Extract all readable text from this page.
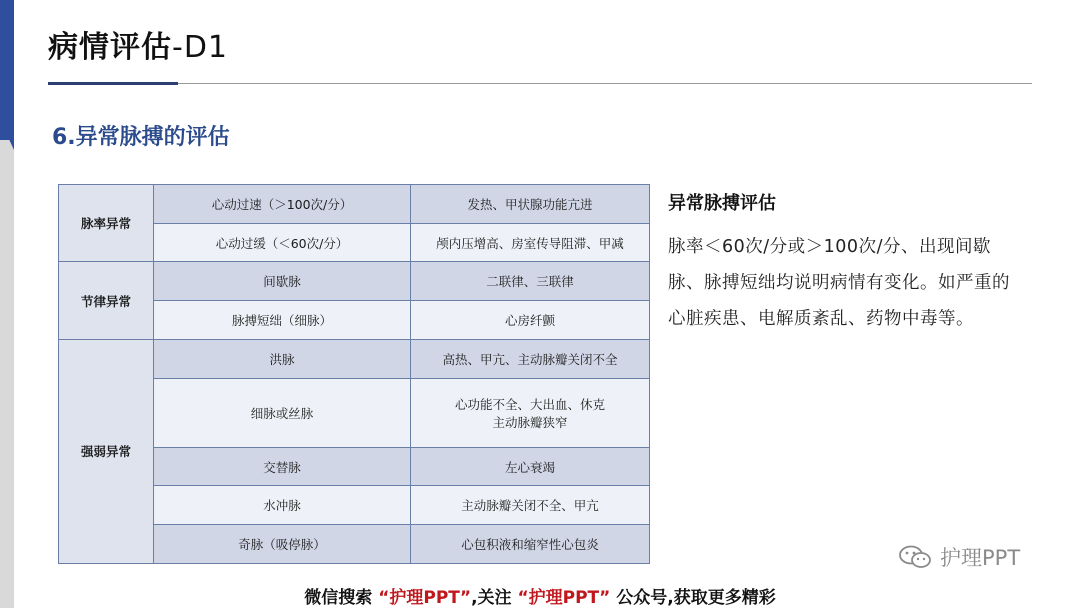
病情评估-D1
6.异常脉搏的评估
脉率异常	心动过速（＞100次/分）	发热、甲状腺功能亢进
	心动过缓（＜60次/分）	颅内压增高、房室传导阻滞、甲减
节律异常	间歇脉	二联律、三联律
	脉搏短绌（细脉）	心房纤颤
强弱异常	洪脉	高热、甲亢、主动脉瓣关闭不全
	细脉或丝脉	心功能不全、大出血、休克
主动脉瓣狭窄
	交替脉	左心衰竭
	水冲脉	主动脉瓣关闭不全、甲亢
	奇脉（吸停脉）	心包积液和缩窄性心包炎
异常脉搏评估
脉率＜60次/分或＞100次/分、出现间歇脉、脉搏短绌均说明病情有变化。如严重的心脏疾患、电解质紊乱、药物中毒等。
护理PPT
微信搜索 “护理PPT”,关注 “护理PPT” 公众号,获取更多精彩
